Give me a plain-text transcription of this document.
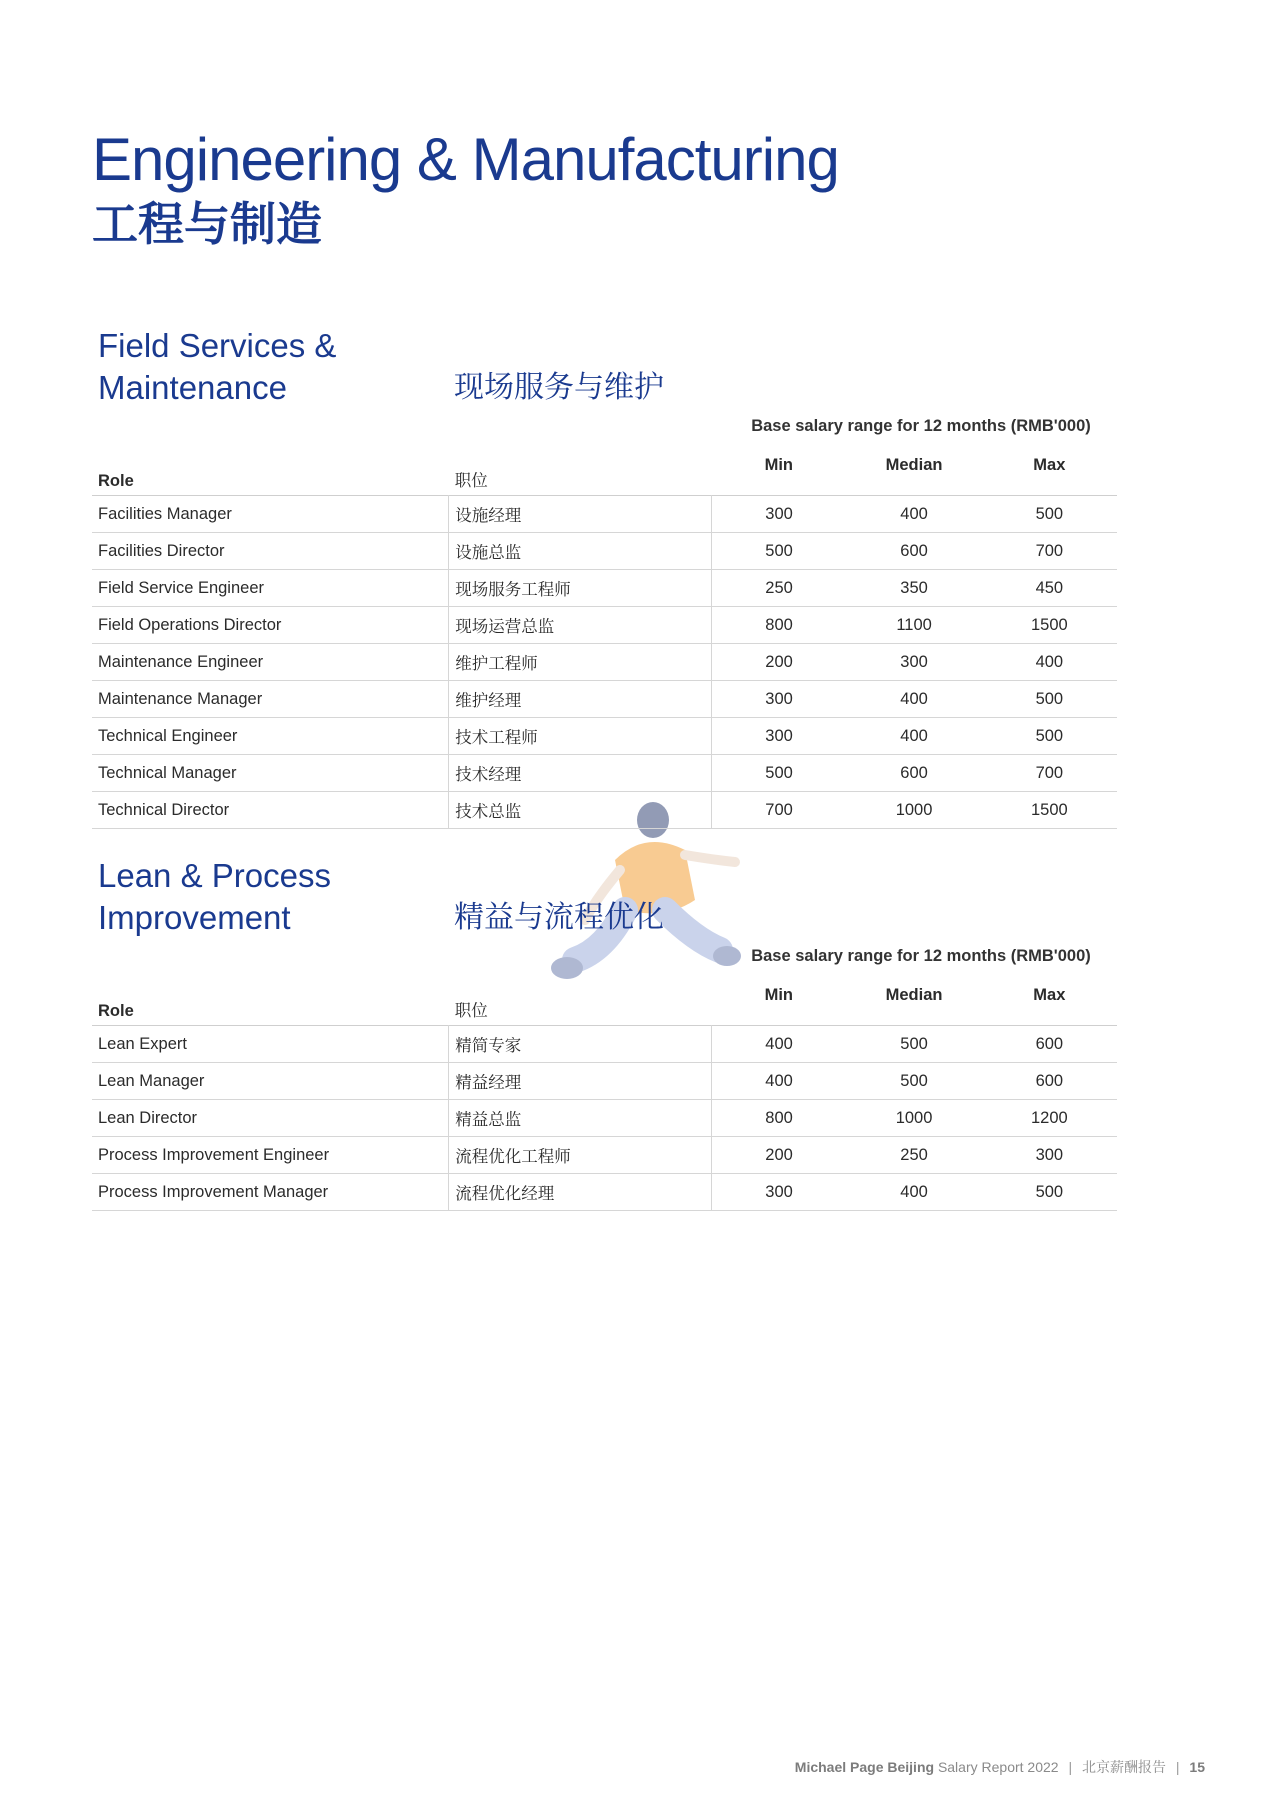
Engineering & Manufacturing
工程与制造
Field Services & Maintenance	现场服务与维护
Base salary range for 12 months (RMB'000)
Role	职位	Min	Median	Max
Facilities Manager	设施经理	300	400	500
Facilities Director	设施总监	500	600	700
Field Service Engineer	现场服务工程师	250	350	450
Field Operations Director	现场运营总监	800	1100	1500
Maintenance Engineer	维护工程师	200	300	400
Maintenance Manager	维护经理	300	400	500
Technical Engineer	技术工程师	300	400	500
Technical Manager	技术经理	500	600	700
Technical Director	技术总监	700	1000	1500
Lean & Process Improvement	精益与流程优化
Base salary range for 12 months (RMB'000)
Role	职位	Min	Median	Max
Lean Expert	精简专家	400	500	600
Lean Manager	精益经理	400	500	600
Lean Director	精益总监	800	1000	1200
Process Improvement Engineer	流程优化工程师	200	250	300
Process Improvement Manager	流程优化经理	300	400	500
Michael Page Beijing Salary Report 2022 | 北京薪酬报告 | 15
